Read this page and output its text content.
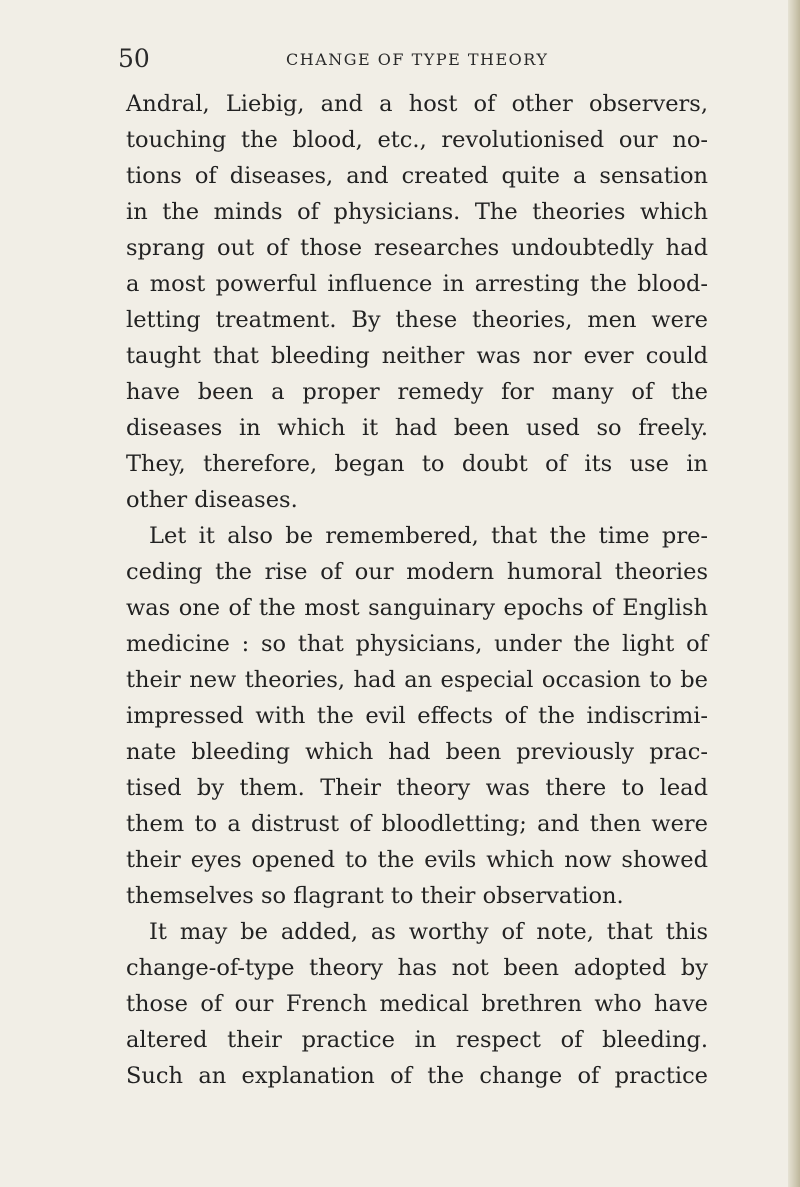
50	CHANGE OF TYPE THEORY
Andral, Liebig, and a host of other observers,
touching the blood, etc., revolutionised our no-
tions of diseases, and created quite a sensation
in the minds of physicians. The theories which
sprang out of those researches undoubtedly had
a most powerful influence in arresting the blood-
letting treatment. By these theories, men were
taught that bleeding neither was nor ever could
have been a proper remedy for many of the
diseases in which it had been used so freely.
They, therefore, began to doubt of its use in
other diseases.
Let it also be remembered, that the time pre-
ceding the rise of our modern humoral theories
was one of the most sanguinary epochs of English
medicine : so that physicians, under the light of
their new theories, had an especial occasion to be
impressed with the evil effects of the indiscrimi-
nate bleeding which had been previously prac-
tised by them. Their theory was there to lead
them to a distrust of bloodletting; and then were
their eyes opened to the evils which now showed
themselves so flagrant to their observation.
It may be added, as worthy of note, that this
change-of-type theory has not been adopted by
those of our French medical brethren who have
altered their practice in respect of bleeding.
Such an explanation of the change of practice
